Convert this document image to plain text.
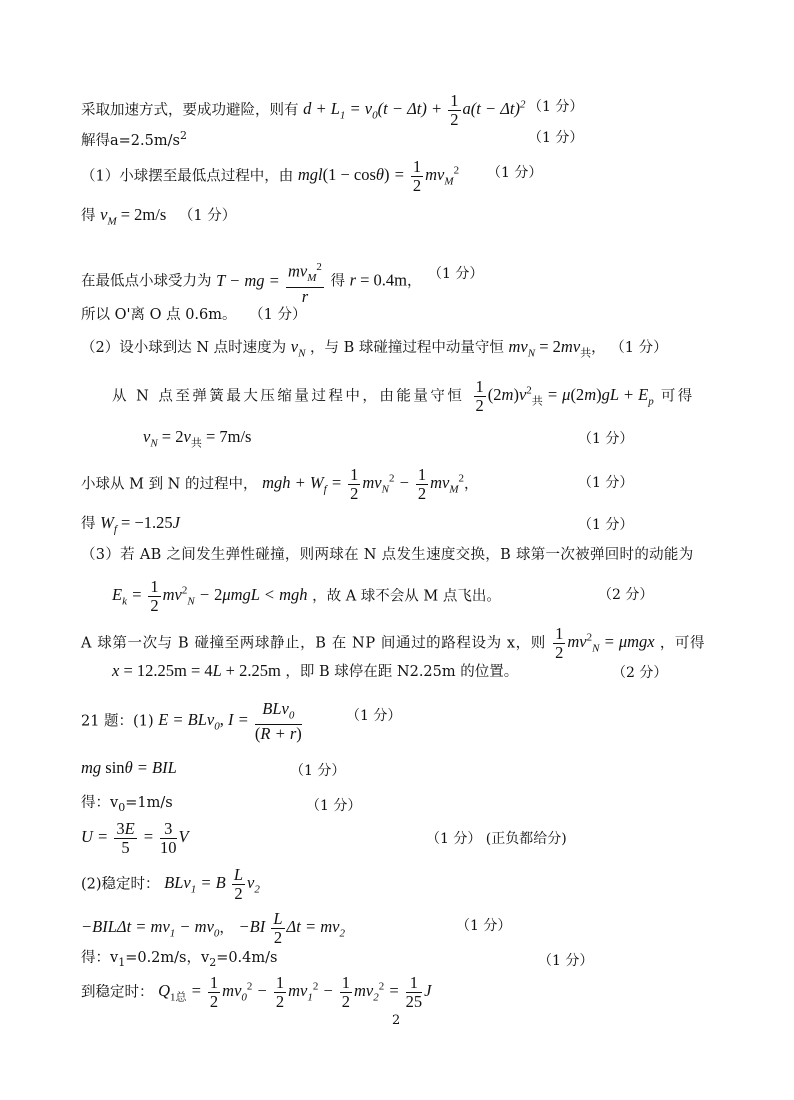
采取加速方式，要成功避险，则有 $d + L_1 = v_0(t - \Delta t) + \frac{1}{2} a(t - \Delta t)^2$ （1 分）
解得$a=2.5m/s^2$	（1 分）
（1）小球摆至最低点过程中，由 $mgl(1 - \cos\theta) = \frac{1}{2} mv_M^2$ （1 分）
得 $v_M = 2m/s$ （1 分）
在最低点小球受力为 T − mg = $\frac{mv_M^2}{r}$ 得 r = 0.4m， （1 分）
所以 O'离 O 点 0.6m。 （1 分）
（2）设小球到达 N 点时速度为 $v_N$ ，与 B 球碰撞过程中动量守恒 $mv_N = 2mv_共$， （1 分）
从 N 点至弹簧最大压缩量过程中，由能量守恒 $\frac{1}{2} (2m)v^2_共 = \mu(2m)gL + E_p$ 可得
$v_N = 2v_共 = 7m/s$	（1 分）
小球从 M 到 N 的过程中， mgh + $W_f = \frac{1}{2} mv_N^2 - \frac{1}{2} mv_M^2$，	（1 分）
得 $W_f = -1.25J$	（1 分）
（3）若 AB 之间发生弹性碰撞，则两球在 N 点发生速度交换，B 球第一次被弹回时的动能为
$E_k = \frac{1}{2} mv^2_N - 2\mu mgL$ < mgh ，故 A 球不会从 M 点飞出。	（2 分）
A 球第一次与 B 碰撞至两球静止，B 在 NP 间通过的路程设为 x，则 $\frac{1}{2} mv^2_N = \mu mgx$ ，可得
x = 12.25m = 4L + 2.25m ，即 B 球停在距 N2.25m 的位置。	（2 分）
21 题：(1) E = BLv$_0$, $I = \frac{BLv_0}{(R + r)}$	（1 分）
mg sinθ = BIL	（1 分）
得：$v_0=1m/s$	（1 分）
$U = \frac{3E}{5} = \frac{3}{10}$ V	（1 分） (正负都给分)
(2)稳定时： BLv$_1$ = B $\frac{L}{2} v_2$
$-BIL\Delta t = mv_1 - mv_0$， $-BI \frac{L}{2}$ $\Delta t = mv_2$	（1 分）
得：$v_1=0.2m/s$，$v_2=0.4m/s$	（1 分）
到稳定时： $Q_{1总} = \frac{1}{2} mv_0^2 - \frac{1}{2} mv_1^2 - \frac{1}{2} mv_2^2 = \frac{1}{25}$ J
2
